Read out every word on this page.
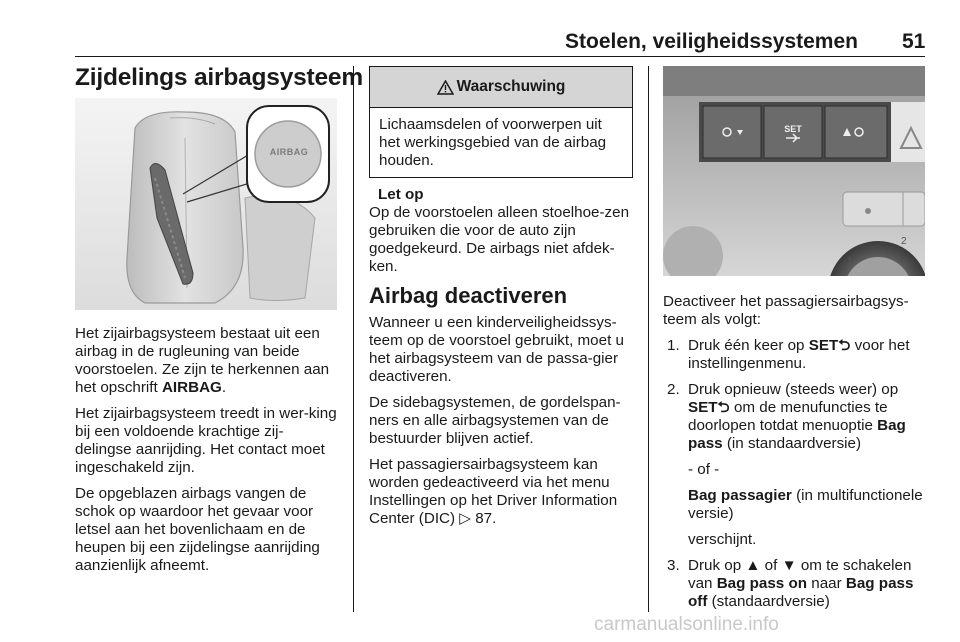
Stoelen, veiligheidssystemen 51
Zijdelings airbagsysteem
AIRBAG

Het zijairbagsysteem bestaat uit een airbag in de rugleuning van beide voorstoelen. Ze zijn te herkennen aan het opschrift AIRBAG.

Het zijairbagsysteem treedt in wer-king bij een voldoende krachtige zij-delingse aanrijding. Het contact moet ingeschakeld zijn.

De opgeblazen airbags vangen de schok op waardoor het gevaar voor letsel aan het bovenlichaam en de heupen bij een zijdelingse aanrijding aanzienlijk afneemt.

Waarschuwing
Lichaamsdelen of voorwerpen uit het werkingsgebied van de airbag houden.
Let op
Op de voorstoelen alleen stoelhoe-zen gebruiken die voor de auto zijn goedgekeurd. De airbags niet afdek-ken.
Airbag deactiveren

Wanneer u een kinderveiligheidssys-teem op de voorstoel gebruikt, moet u het airbagsysteem van de passa-gier deactiveren.

De sidebagsystemen, de gordelspan-ners en alle airbagsystemen van de bestuurder blijven actief.

Het passagiersairbagsysteem kan worden gedeactiveerd via het menu Instellingen op het Driver Information Center (DIC) ▷ 87.

1
2
SET

Deactiveer het passagiersairbagsys-teem als volgt:

1. Druk één keer op SET⮌ voor het instellingenmenu.
2. Druk opnieuw (steeds weer) op SET⮌ om de menufuncties te doorlopen totdat menuoptie Bag pass (in standaardversie)

- of -

Bag passagier (in multifunctionele versie)

verschijnt.

3. Druk op ▲ of ▼ om te schakelen van Bag pass on naar Bag pass off (standaardversie)
carmanualsonline.info
